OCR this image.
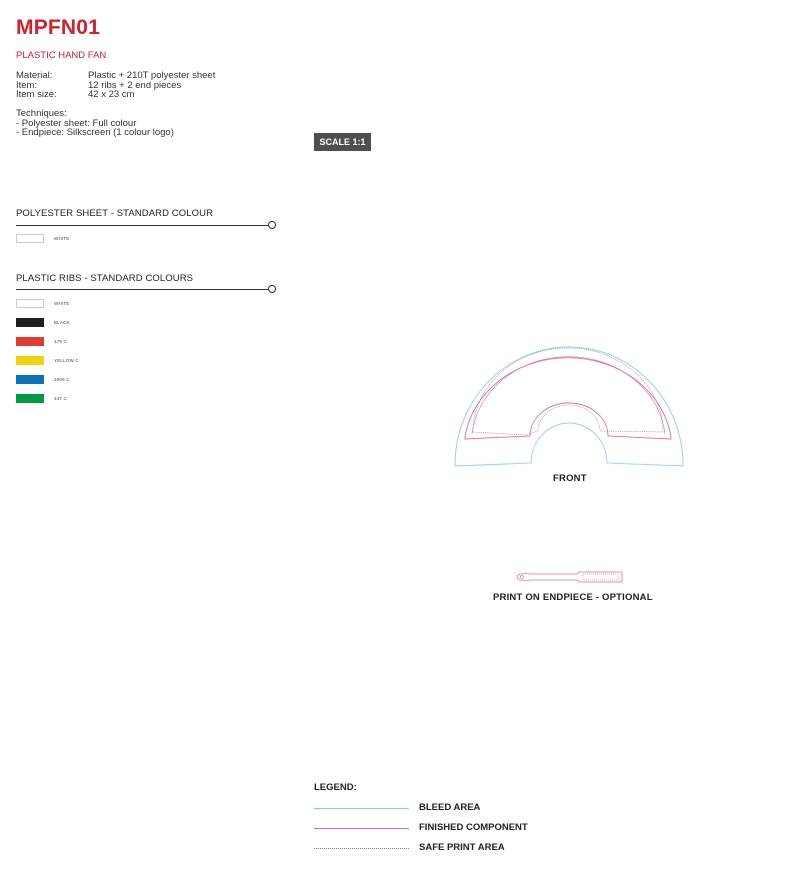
MPFN01
PLASTIC HAND FAN
Material:	Plastic + 210T polyester sheet
Item:	12 ribs + 2 end pieces
Item size:	42 x 23 cm
Techniques:
- Polyester sheet: Full colour
- Endpiece: Silkscreen (1 colour logo)
SCALE 1:1
POLYESTER SHEET - STANDARD COLOUR
WHITE
PLASTIC RIBS - STANDARD COLOURS
WHITE
BLACK
179 C
YELLOW C
3005 C
347 C
FRONT
PRINT ON ENDPIECE - OPTIONAL
LEGEND:
BLEED AREA
FINISHED COMPONENT
SAFE PRINT AREA
